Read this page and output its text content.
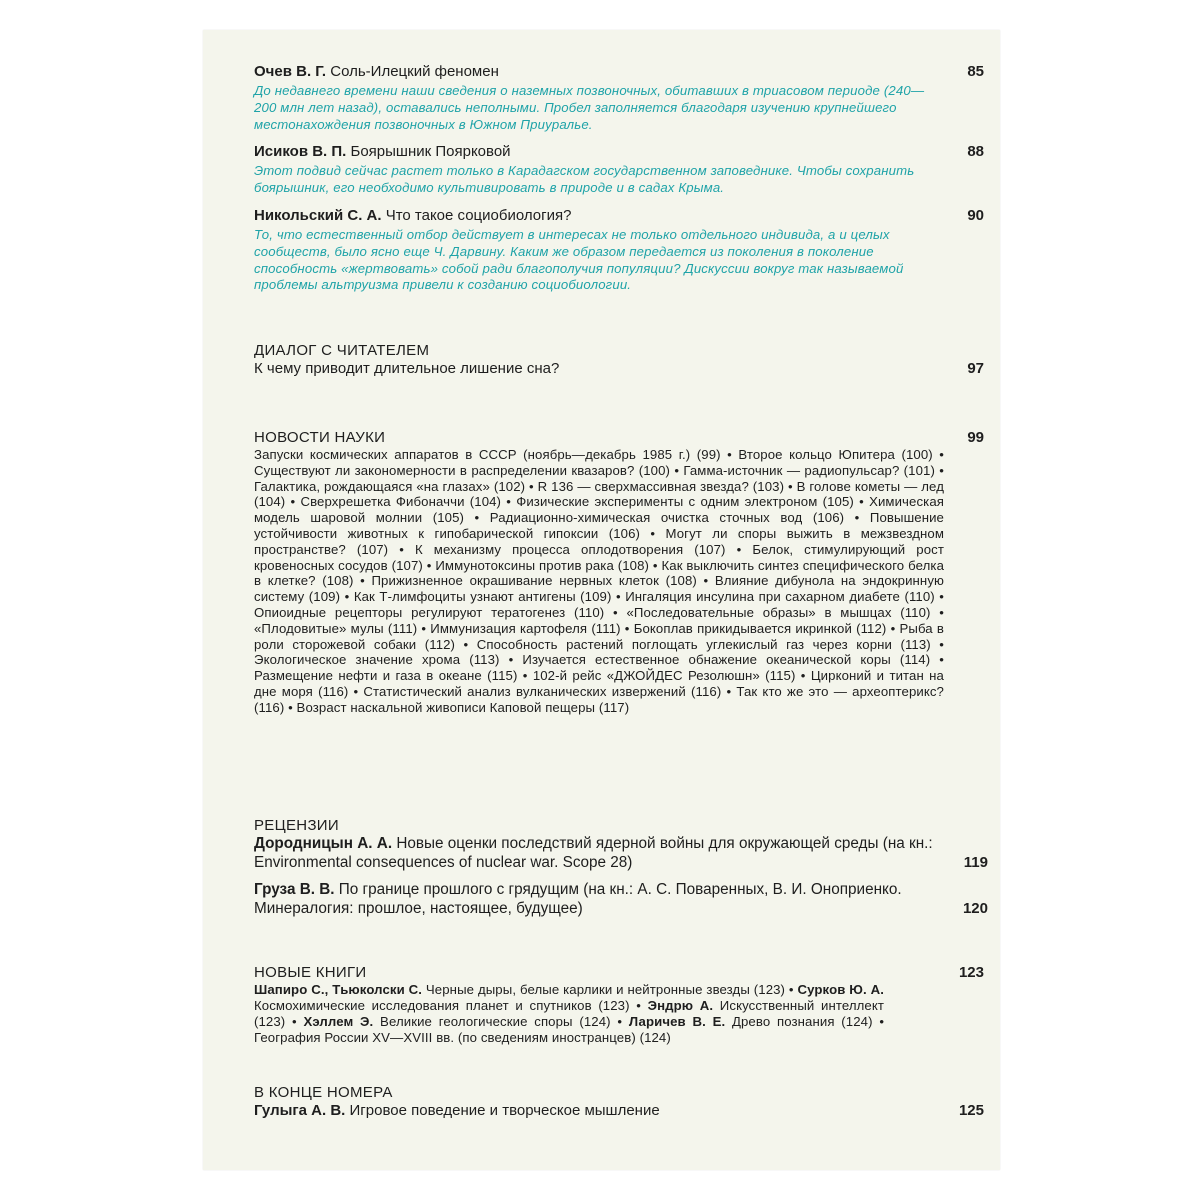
Очев В. Г. Соль-Илецкий феномен	85
До недавнего времени наши сведения о наземных позвоночных, обитавших в триасовом периоде (240—200 млн лет назад), оставались неполными. Пробел заполняется благодаря изучению крупнейшего местонахождения позвоночных в Южном Приуралье.
Исиков В. П. Боярышник Поярковой	88
Этот подвид сейчас растет только в Карадагском государственном заповеднике. Чтобы сохранить боярышник, его необходимо культивировать в природе и в садах Крыма.
Никольский С. А. Что такое социобиология?	90
То, что естественный отбор действует в интересах не только отдельного индивида, а и целых сообществ, было ясно еще Ч. Дарвину. Каким же образом передается из поколения в поколение способность «жертвовать» собой ради благополучия популяции? Дискуссии вокруг так называемой проблемы альтруизма привели к созданию социобиологии.
ДИАЛОГ С ЧИТАТЕЛЕМ
К чему приводит длительное лишение сна?	97
НОВОСТИ НАУКИ	99
Запуски космических аппаратов в СССР (ноябрь—декабрь 1985 г.) (99) • Второе кольцо Юпитера (100) • Существуют ли закономерности в распределении квазаров? (100) • Гамма-источник — радиопульсар? (101) • Галактика, рождающаяся «на глазах» (102) • R 136 — сверхмассивная звезда? (103) • В голове кометы — лед (104) • Сверхрешетка Фибоначчи (104) • Физические эксперименты с одним электроном (105) • Химическая модель шаровой молнии (105) • Радиационно-химическая очистка сточных вод (106) • Повышение устойчивости животных к гипобарической гипоксии (106) • Могут ли споры выжить в межзвездном пространстве? (107) • К механизму процесса оплодотворения (107) • Белок, стимулирующий рост кровеносных сосудов (107) • Иммунотоксины против рака (108) • Как выключить синтез специфического белка в клетке? (108) • Прижизненное окрашивание нервных клеток (108) • Влияние дибунола на эндокринную систему (109) • Как Т-лимфоциты узнают антигены (109) • Ингаляция инсулина при сахарном диабете (110) • Опиоидные рецепторы регулируют тератогенез (110) • «Последовательные образы» в мышцах (110) • «Плодовитые» мулы (111) • Иммунизация картофеля (111) • Бокоплав прикидывается икринкой (112) • Рыба в роли сторожевой собаки (112) • Способность растений поглощать углекислый газ через корни (113) • Экологическое значение хрома (113) • Изучается естественное обнажение океанической коры (114) • Размещение нефти и газа в океане (115) • 102-й рейс «ДЖОЙДЕС Резолюшн» (115) • Цирконий и титан на дне моря (116) • Статистический анализ вулканических извержений (116) • Так кто же это — археоптерикс? (116) • Возраст наскальной живописи Каповой пещеры (117)
РЕЦЕНЗИИ
Дородницын А. А. Новые оценки последствий ядерной войны для окружающей среды (на кн.: Environmental consequences of nuclear war. Scope 28)	119
Груза В. В. По границе прошлого с грядущим (на кн.: А. С. Поваренных, В. И. Оноприенко. Минералогия: прошлое, настоящее, будущее)	120
НОВЫЕ КНИГИ	123
Шапиро С., Тьюколски С. Черные дыры, белые карлики и нейтронные звезды (123) • Сурков Ю. А. Космохимические исследования планет и спутников (123) • Эндрю А. Искусственный интеллект (123) • Хэллем Э. Великие геологические споры (124) • Ларичев В. Е. Древо познания (124) • География России XV—XVIII вв. (по сведениям иностранцев) (124)
В КОНЦЕ НОМЕРА
Гулыга А. В. Игровое поведение и творческое мышление	125
